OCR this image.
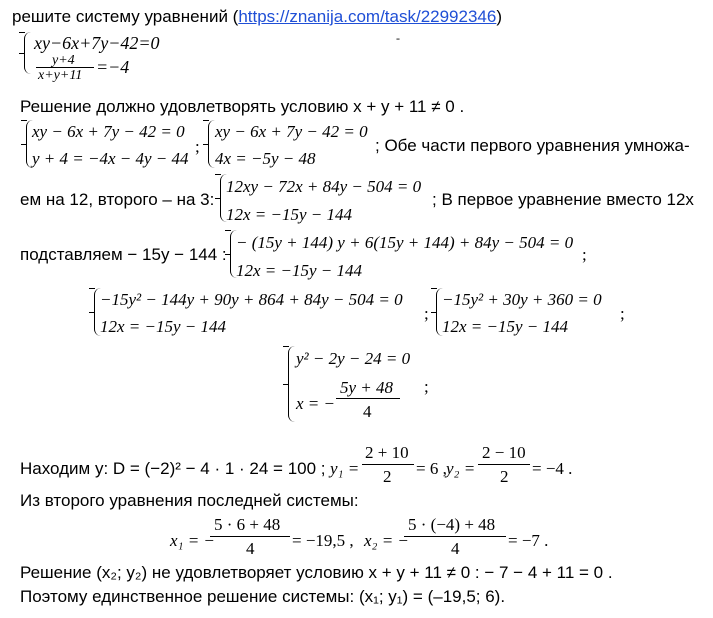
решите систему уравнений (https://znanija.com/task/22992346)
xy−6x+7y−42=0
y+4
x+y+11 =−4
-
Решение должно удовлетворять условию x + y + 11 ≠ 0 .
xy − 6x + 7y − 42 = 0
y + 4 = −4x − 4y − 44
;
xy − 6x + 7y − 42 = 0
4x = −5y − 48
; Обе части первого уравнения умножа-
ем на 12, второго – на 3:
12xy − 72x + 84y − 504 = 0
12x = −15y − 144
; В первое уравнение вместо 12x
подставляем − 15y − 144 :
− (15y + 144) y + 6(15y + 144) + 84y − 504 = 0
12x = −15y − 144
;
−15y² − 144y + 90y + 864 + 84y − 504 = 0
12x = −15y − 144
;
−15y² + 30y + 360 = 0
12x = −15y − 144
;
y² − 2y − 24 = 0
x = −
5y + 48
4
;
Находим y: D = (−2)² − 4 · 1 · 24 = 100 ; y₁ =
2 + 10
2 = 6 , y₂ =
2 − 10
2 = −4 .
Из второго уравнения последней системы:
x₁ = −
5 · 6 + 48
4 = −19,5 , x₂ = −
5 · (−4) + 48
4	= −7 .
Решение (x₂; y₂) не удовлетворяет условию x + y + 11 ≠ 0 : − 7 − 4 + 11 = 0 .
Поэтому единственное решение системы: (x₁; y₁) = (–19,5; 6).
